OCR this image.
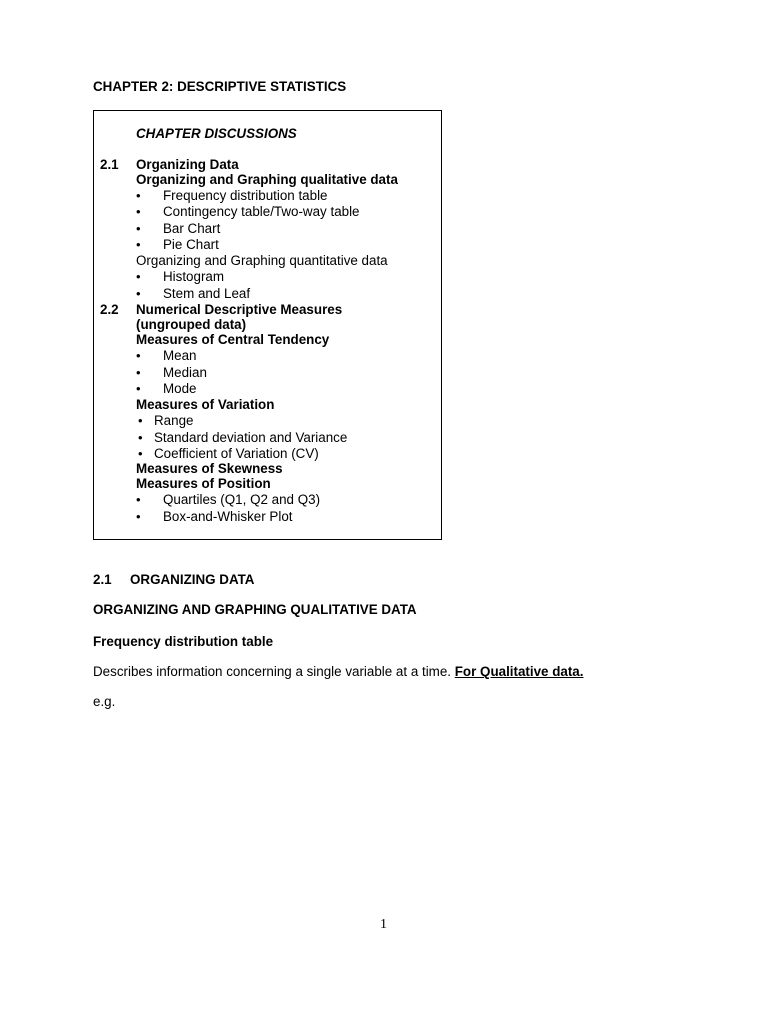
CHAPTER 2: DESCRIPTIVE STATISTICS
CHAPTER DISCUSSIONS
2.1 Organizing Data
Organizing and Graphing qualitative data
• Frequency distribution table
• Contingency table/Two-way table
• Bar Chart
• Pie Chart
Organizing and Graphing quantitative data
• Histogram
• Stem and Leaf
2.2 Numerical Descriptive Measures
(ungrouped data)
Measures of Central Tendency
• Mean
• Median
• Mode
Measures of Variation
• Range
• Standard deviation and Variance
• Coefficient of Variation (CV)
Measures of Skewness
Measures of Position
• Quartiles (Q1, Q2 and Q3)
• Box-and-Whisker Plot
2.1 ORGANIZING DATA
ORGANIZING AND GRAPHING QUALITATIVE DATA
Frequency distribution table
Describes information concerning a single variable at a time. For Qualitative data.
e.g.
1
